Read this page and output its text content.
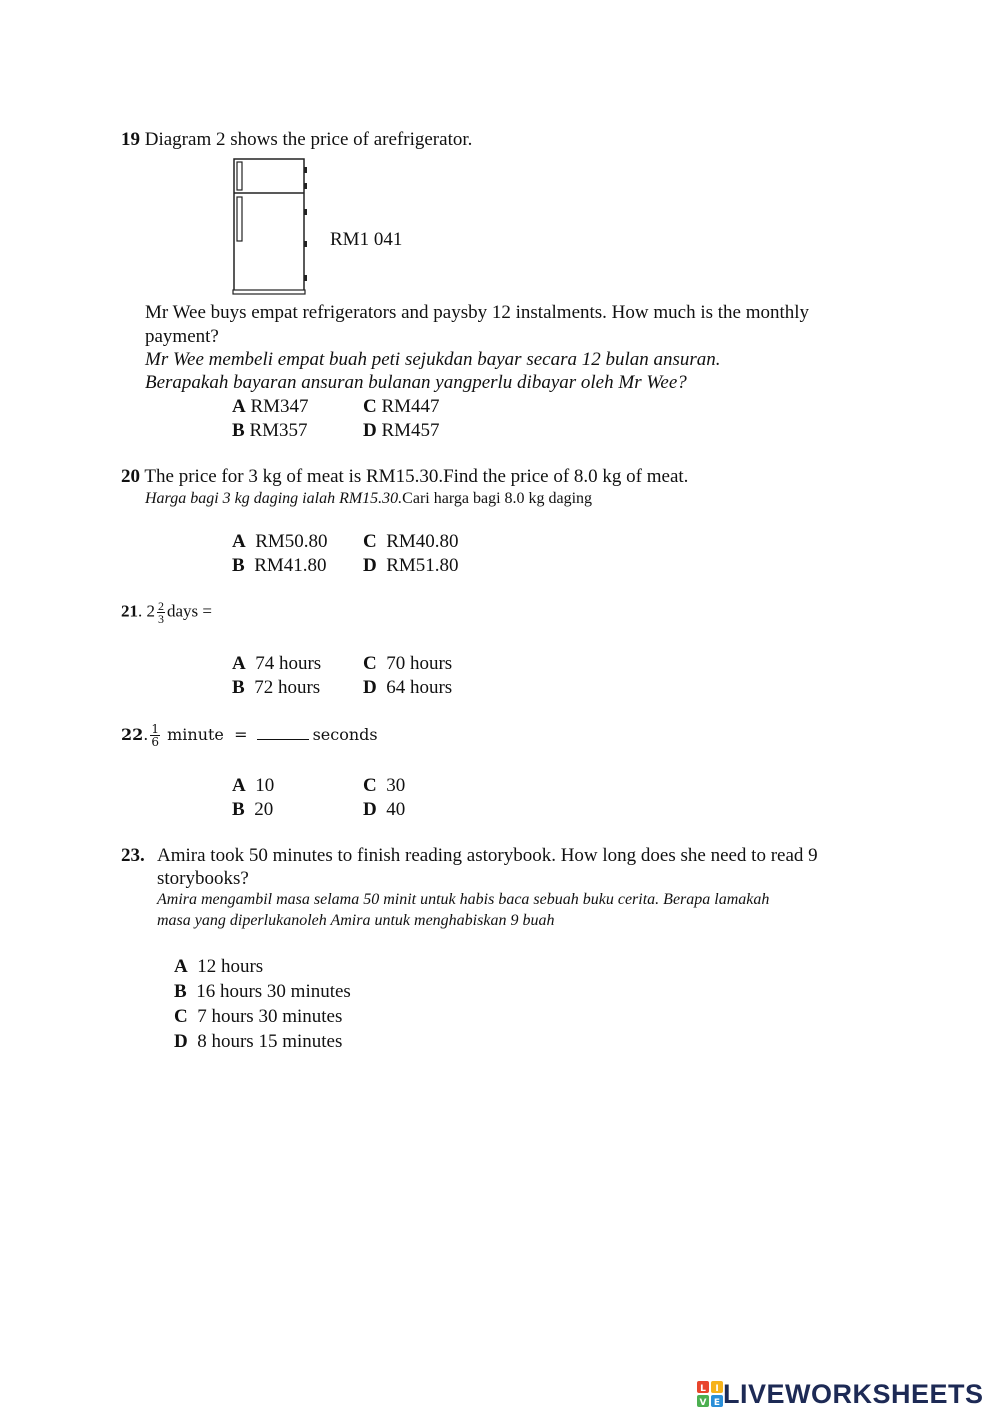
19 Diagram 2 shows the price of arefrigerator.
RM1 041
Mr Wee buys empat refrigerators and paysby 12 instalments. How much is the monthly
payment?
Mr Wee membeli empat buah peti sejukdan bayar secara 12 bulan ansuran.
Berapakah bayaran ansuran bulanan yangperlu dibayar oleh Mr Wee?
A RM347	C RM447
B RM357	D RM457
20 The price for 3 kg of meat is RM15.30.Find the price of 8.0 kg of meat.
Harga bagi 3 kg daging ialah RM15.30.Cari harga bagi 8.0 kg daging
A RM50.80 C RM40.80
B RM41.80 D RM51.80
21. $2 \frac{2}{3}$ days =
A 74 hours C 70 hours
B 72 hours D 64 hours
22. $\frac{1}{6}$ minute =	seconds
A 10	C 30
B 20	D 40
23. Amira took 50 minutes to finish reading astorybook. How long does she need to read 9
storybooks?
Amira mengambil masa selama 50 minit untuk habis baca sebuah buku cerita. Berapa lamakah
masa yang diperlukanoleh Amira untuk menghabiskan 9 buah
A 12 hours
B 16 hours 30 minutes
C 7 hours 30 minutes
D 8 hours 15 minutes
L I
V E LIVEWORKSHEETS
